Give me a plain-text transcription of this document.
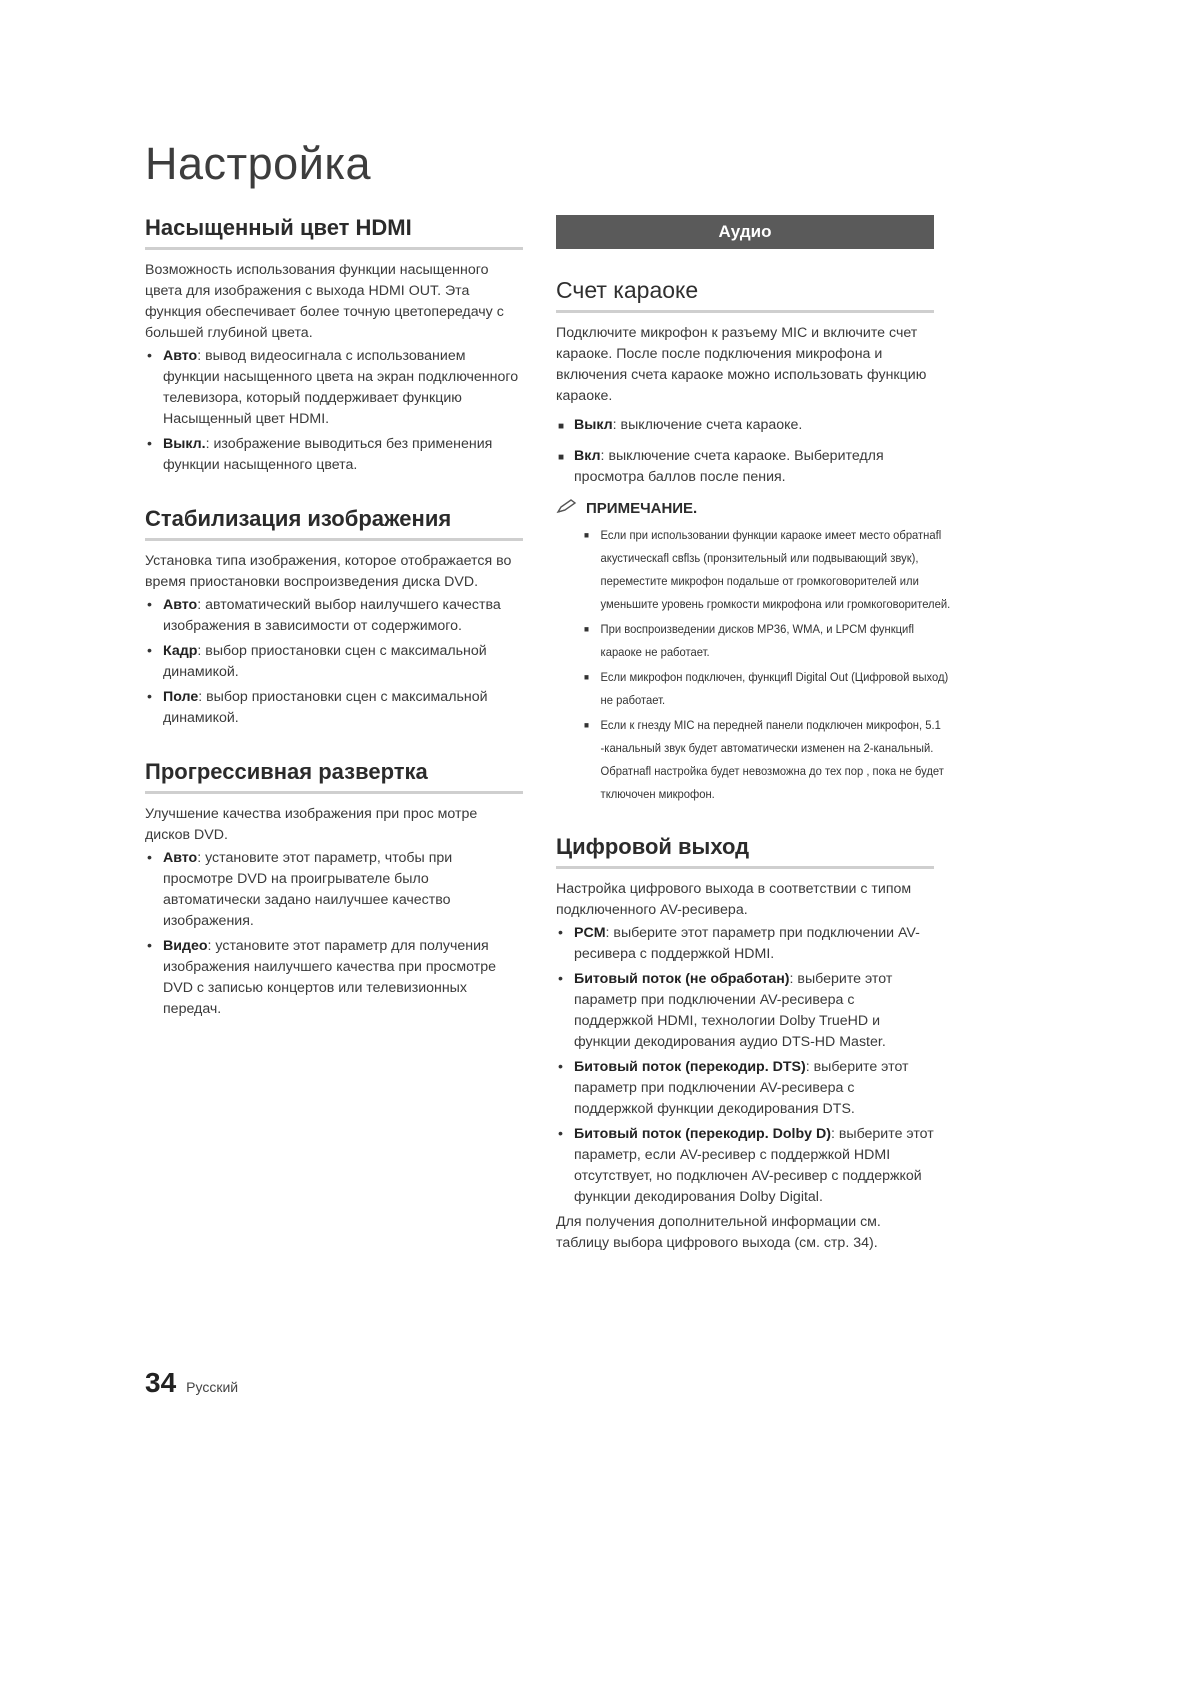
Настройка
Насыщенный цвет HDMI

Возможность использования функции насыщенного цвета для изображения с выхода HDMI OUT. Эта функция обеспечивает более точную цветопередачу с большей глубиной цвета.

• Авто: вывод видеосигнала с использованием функции насыщенного цвета на экран подключенного телевизора, который поддерживает функцию Насыщенный цвет HDMI.
• Выкл.: изображение выводиться без применения функции насыщенного цвета.
Стабилизация изображения

Установка типа изображения, которое отображается во время приостановки воспроизведения диска DVD.

• Авто: автоматический выбор наилучшего качества изображения в зависимости от содержимого.
• Кадр: выбор приостановки сцен с максимальной динамикой.
• Поле: выбор приостановки сцен с максимальной динамикой.
Прогрессивная развертка

Улучшение качества изображения при прос мотре дисков DVD.

• Авто: установите этот параметр, чтобы при просмотре DVD на проигрывателе было автоматически задано наилучшее качество изображения.
• Видео: установите этот параметр для получения изображения наилучшего качества при просмотре DVD с записью концертов или телевизионных передач.
Аудио
Счет караоке

Подключите микрофон к разъему MIC и включите счет караоке. После после подключения микрофона и включения счета караоке можно использовать функцию караоке.

■ Выкл: выключение счета караоке.
■ Вкл: выключение счета караоке. Выберитедля просмотра баллов после пения.
ПРИМЕЧАНИЕ.
■ Если при использовании функции караоке имеет место обратнаfl акустическаfl свflзь (пронзительный или подвывающий звук), переместите микрофон подальше от громкоговорителей или уменьшите уровень громкости микрофона или громкоговорителей.
■ При воспроизведении дисков MP36, WMA, и LPCM функциfl караоке не работает.
■ Если микрофон подключен, функциfl Digital Out (Цифровой выход) не работает.
■ Если к гнезду MIC на передней панели подключен микрофон, 5.1 -канальный звук будет автоматически изменен на 2-канальный. Обратнаfl настройка будет невозможна до тех пор , пока не будет тключочен микрофон.
Цифровой выход

Настройка цифрового выхода в соответствии с типом подключенного AV-ресивера.

• PCM: выберите этот параметр при подключении AV-ресивера с поддержкой HDMI.
• Битовый поток (не обработан): выберите этот параметр при подключении AV-ресивера с поддержкой HDMI, технологии Dolby TrueHD и функции декодирования аудио DTS-HD Master.
• Битовый поток (перекодир. DTS): выберите этот параметр при подключении AV-ресивера с поддержкой функции декодирования DTS.
• Битовый поток (перекодир. Dolby D): выберите этот параметр, если AV-ресивер с поддержкой HDMI отсутствует, но подключен AV-ресивер с поддержкой функции декодирования Dolby Digital.

Для получения дополнительной информации см. таблицу выбора цифрового выхода (см. стр. 34).

34 Русский
